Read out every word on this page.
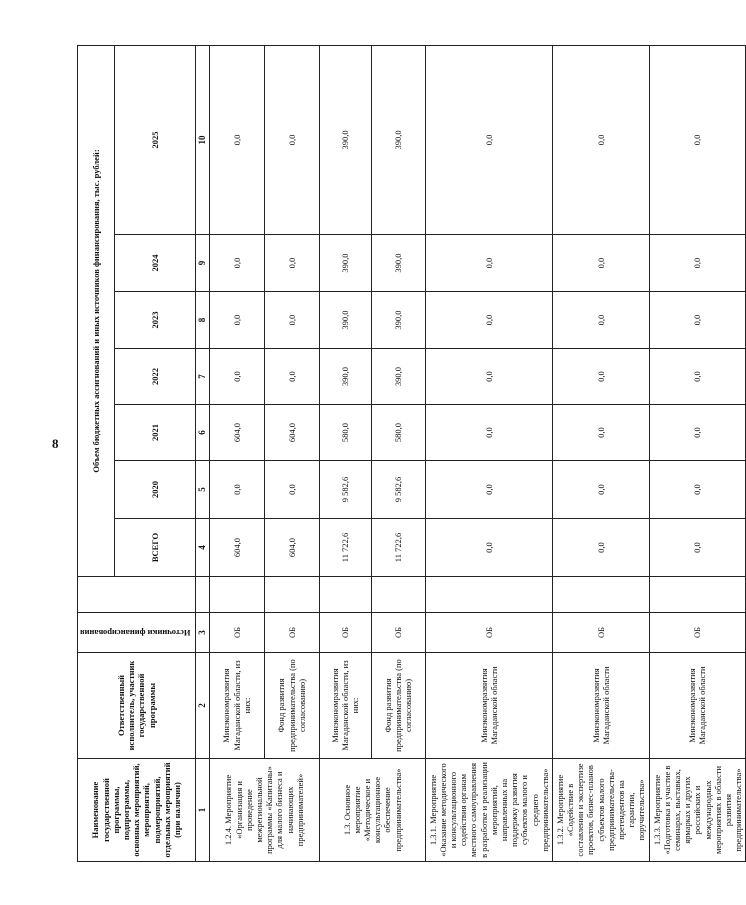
8
Наименование государственной программы, подпрограммы, основных мероприятий, мероприятий, подмероприятий, отдельных мероприятий (при наличии)	Ответственный исполнитель, участник государственной программы	Источники финансирования		Объем бюджетных ассигнований и иных источников финансирования, тыс. рублей:						
				ВСЕГО	2020	2021	2022	2023	2024	2025
1	2	3		4	5	6	7	8	9	10
1.2.4. Мероприятие «Организация и проведение межрегиональной программы «Капитаны» для малого бизнеса и начинающих предпринимателей»	Минэкономразвития Магаданской области, из них:	ОБ		604,0	0,0	604,0	0,0	0,0	0,0	0,0
	Фонд развития предпринимательства (по согласованию)	ОБ		604,0	0,0	604,0	0,0	0,0	0,0	0,0
1.3. Основное мероприятие «Методическое и консультационное обеспечение предпринимательства»	Минэкономразвития Магаданской области, из них:	ОБ		11 722,6	9 582,6	580,0	390,0	390,0	390,0	390,0
	Фонд развития предпринимательства (по согласованию)	ОБ		11 722,6	9 582,6	580,0	390,0	390,0	390,0	390,0
1.3.1. Мероприятие «Оказание методического и консультационного содействия органам местного самоуправления в разработке и реализации мероприятий, направленных на поддержку развития субъектов малого и среднего предпринимательства»	Минэкономразвития Магаданской области	ОБ		0,0	0,0	0,0	0,0	0,0	0,0	0,0
1.3.2. Мероприятие «Содействие в составлении и экспертизе проектов, бизнес-планов субъектов малого предпринимательства-претендентов на гарантии, поручительства»	Минэкономразвития Магаданской области	ОБ		0,0	0,0	0,0	0,0	0,0	0,0	0,0
1.3.3. Мероприятие «Подготовка и участие в семинарах, выставках, ярмарках и других российских и международных мероприятиях в области развития предпринимательства»	Минэкономразвития Магаданской области	ОБ		0,0	0,0	0,0	0,0	0,0	0,0	0,0
